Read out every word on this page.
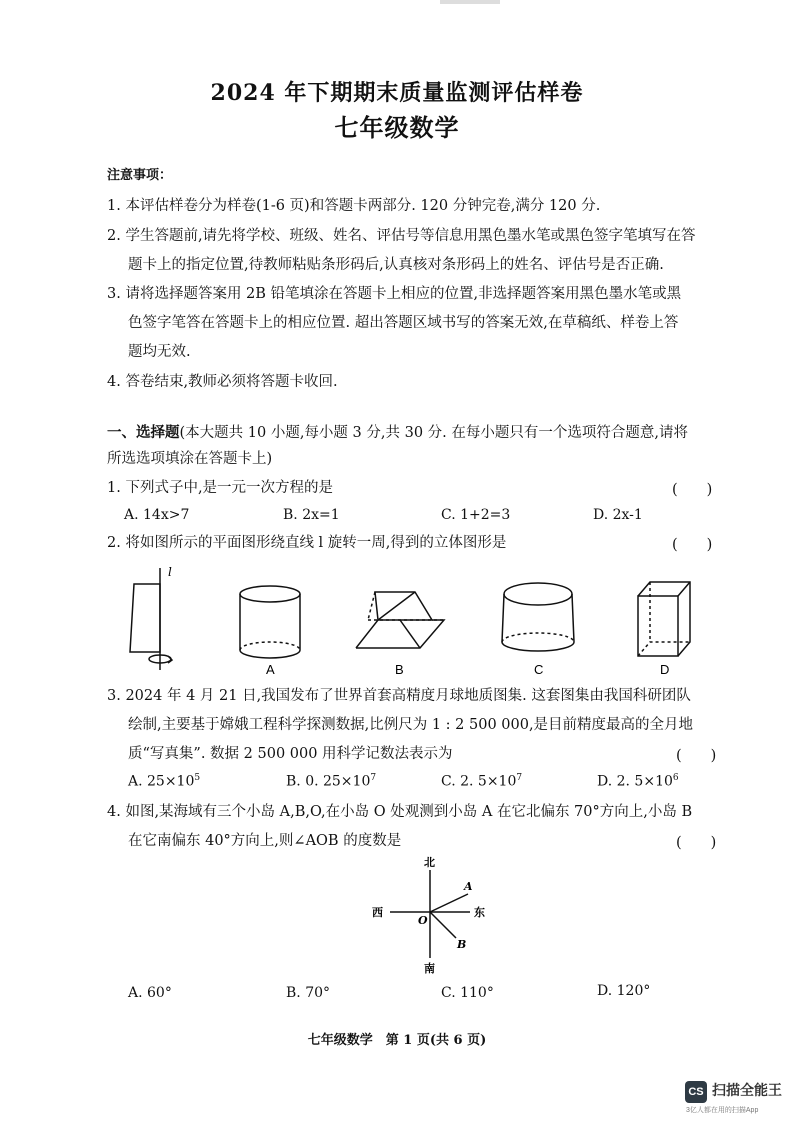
2024 年下期期末质量监测评估样卷
七年级数学
注意事项：
1. 本评估样卷分为样卷(1-6 页)和答题卡两部分. 120 分钟完卷,满分 120 分.
2. 学生答题前,请先将学校、班级、姓名、评估号等信息用黑色墨水笔或黑色签字笔填写在答
题卡上的指定位置,待教师粘贴条形码后,认真核对条形码上的姓名、评估号是否正确.
3. 请将选择题答案用 2B 铅笔填涂在答题卡上相应的位置,非选择题答案用黑色墨水笔或黑
色签字笔答在答题卡上的相应位置. 超出答题区域书写的答案无效,在草稿纸、样卷上答
题均无效.
4. 答卷结束,教师必须将答题卡收回.
一、选择题(本大题共 10 小题,每小题 3 分,共 30 分. 在每小题只有一个选项符合题意,请将
所选选项填涂在答题卡上)
1. 下列式子中,是一元一次方程的是	(　　)
A. 14x>7	B. 2x=1	C. 1+2=3	D. 2x-1
2. 将如图所示的平面图形绕直线 l 旋转一周,得到的立体图形是	(　　)
l
A	B	C	D
3. 2024 年 4 月 21 日,我国发布了世界首套高精度月球地质图集. 这套图集由我国科研团队
绘制,主要基于嫦娥工程科学探测数据,比例尺为 1 : 2 500 000,是目前精度最高的全月地
质“写真集”. 数据 2 500 000 用科学记数法表示为	(　　)
A. $25\times 10^5$	B. 0. $25\times 10^7$	C. 2. $5\times 10^7$	D. 2. $5\times 10^6$
4. 如图,某海域有三个小岛 A,B,O,在小岛 O 处观测到小岛 A 在它北偏东 70°方向上,小岛 B
在它南偏东 40°方向上,则∠AOB 的度数是	(　　)
北
南
东
西
O
A
B
A. 60°	B. 70°	C. 110°	D. 120°
七年级数学　第 1 页(共 6 页)
CS 扫描全能王
3亿人都在用的扫描App
